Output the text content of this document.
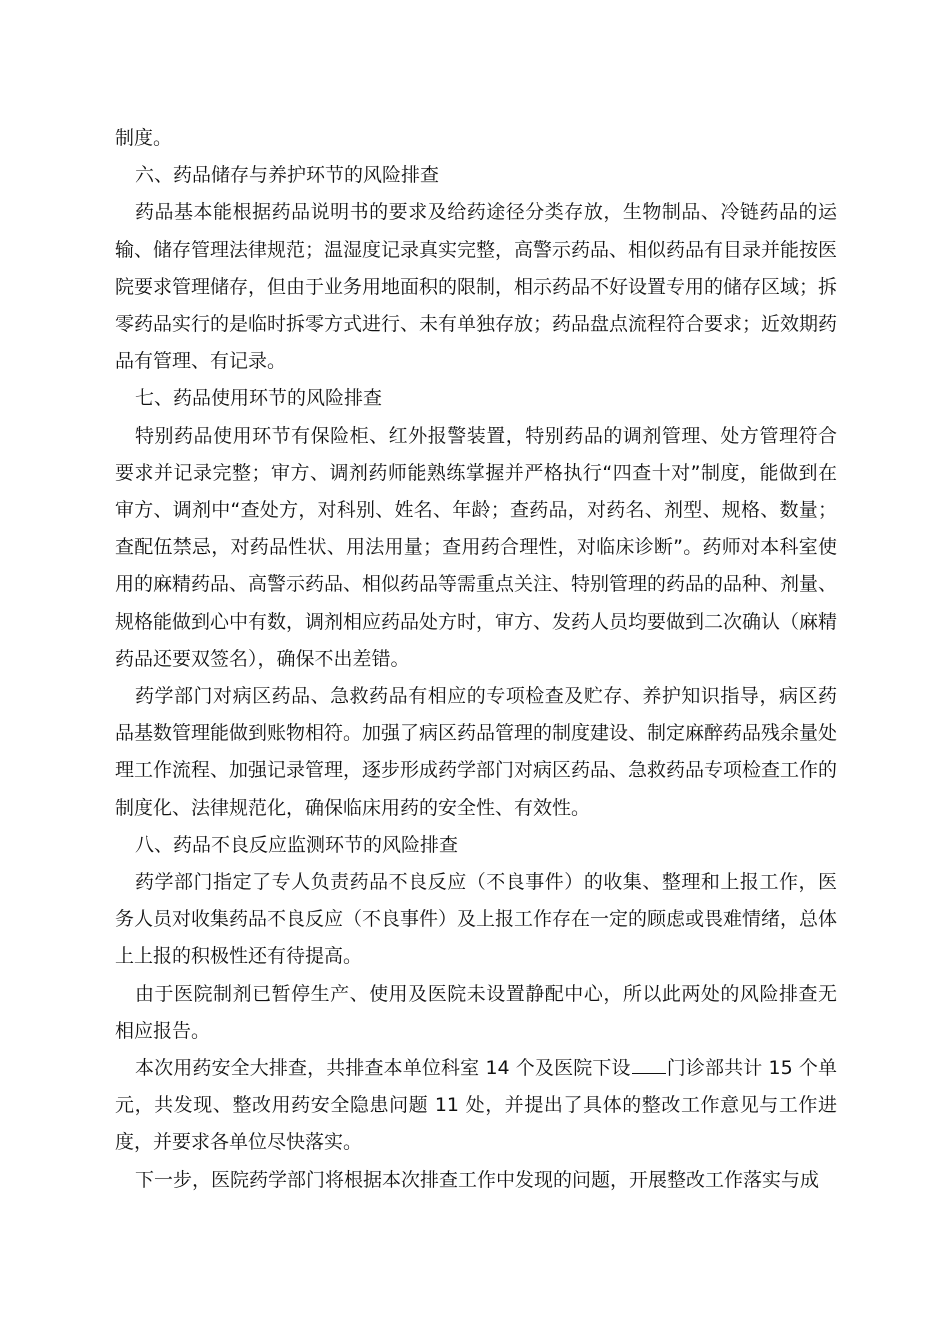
制度。

六、药品储存与养护环节的风险排查

药品基本能根据药品说明书的要求及给药途径分类存放，生物制品、冷链药品的运输、储存管理法律规范；温湿度记录真实完整，高警示药品、相似药品有目录并能按医院要求管理储存，但由于业务用地面积的限制，相示药品不好设置专用的储存区域；拆零药品实行的是临时拆零方式进行、未有单独存放；药品盘点流程符合要求；近效期药品有管理、有记录。

七、药品使用环节的风险排查

特别药品使用环节有保险柜、红外报警装置，特别药品的调剂管理、处方管理符合要求并记录完整；审方、调剂药师能熟练掌握并严格执行“四查十对”制度，能做到在审方、调剂中“查处方，对科别、姓名、年龄；查药品，对药名、剂型、规格、数量；查配伍禁忌，对药品性状、用法用量；查用药合理性，对临床诊断”。药师对本科室使用的麻精药品、高警示药品、相似药品等需重点关注、特别管理的药品的品种、剂量、规格能做到心中有数，调剂相应药品处方时，审方、发药人员均要做到二次确认（麻精药品还要双签名），确保不出差错。

药学部门对病区药品、急救药品有相应的专项检查及贮存、养护知识指导，病区药品基数管理能做到账物相符。加强了病区药品管理的制度建设、制定麻醉药品残余量处理工作流程、加强记录管理，逐步形成药学部门对病区药品、急救药品专项检查工作的制度化、法律规范化，确保临床用药的安全性、有效性。

八、药品不良反应监测环节的风险排查

药学部门指定了专人负责药品不良反应（不良事件）的收集、整理和上报工作，医务人员对收集药品不良反应（不良事件）及上报工作存在一定的顾虑或畏难情绪，总体上上报的积极性还有待提高。

由于医院制剂已暂停生产、使用及医院未设置静配中心，所以此两处的风险排查无相应报告。

本次用药安全大排查，共排查本单位科室 14 个及医院下设 门诊部共计 15 个单元，共发现、整改用药安全隐患问题 11 处，并提出了具体的整改工作意见与工作进度，并要求各单位尽快落实。

下一步，医院药学部门将根据本次排查工作中发现的问题，开展整改工作落实与成
